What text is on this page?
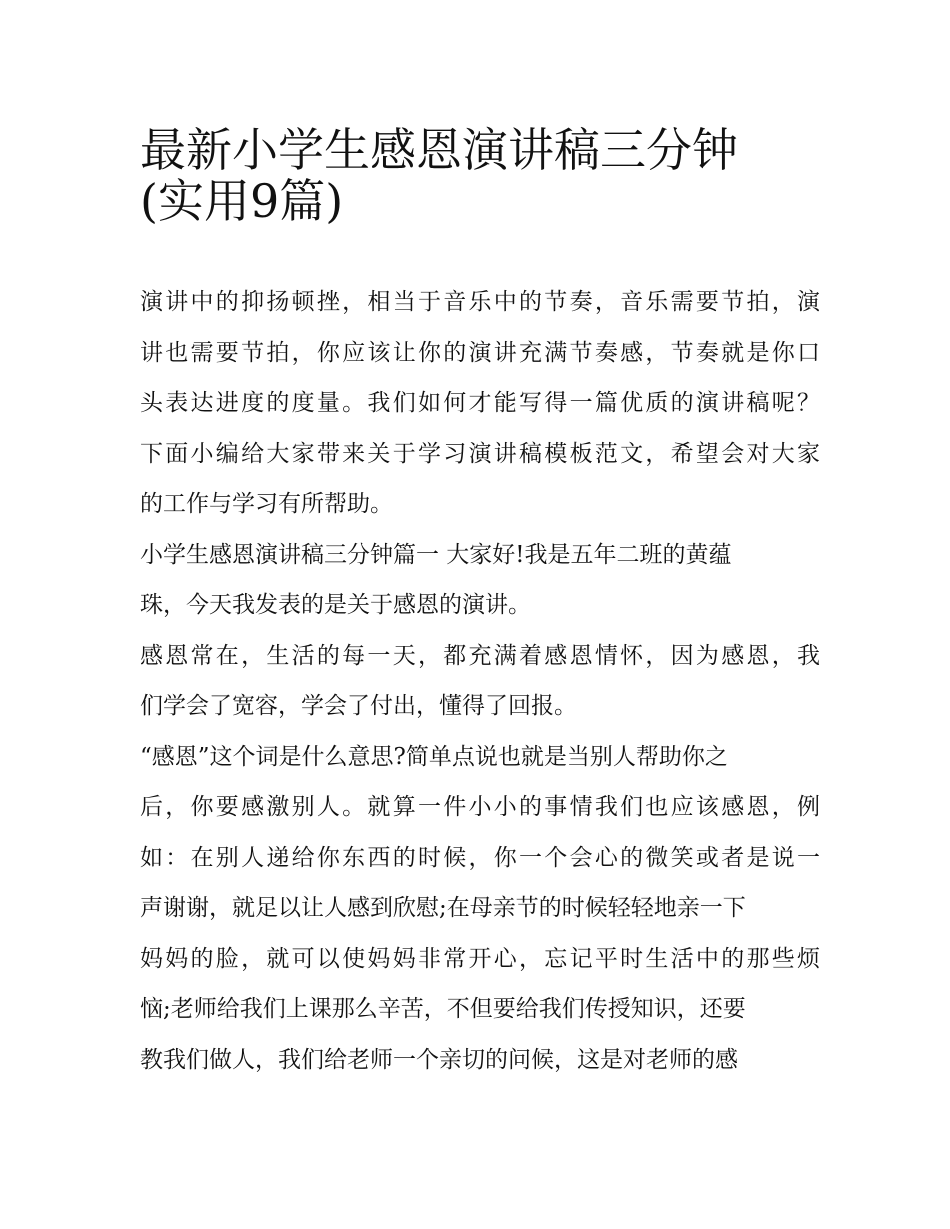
最新小学生感恩演讲稿三分钟
(实用9篇)
演讲中的抑扬顿挫，相当于音乐中的节奏，音乐需要节拍，演
讲也需要节拍，你应该让你的演讲充满节奏感，节奏就是你口
头表达进度的度量。我们如何才能写得一篇优质的演讲稿呢？
下面小编给大家带来关于学习演讲稿模板范文，希望会对大家
的工作与学习有所帮助。
小学生感恩演讲稿三分钟篇一 大家好!我是五年二班的黄蕴
珠，今天我发表的是关于感恩的演讲。
感恩常在，生活的每一天，都充满着感恩情怀，因为感恩，我
们学会了宽容，学会了付出，懂得了回报。
“感恩”这个词是什么意思?简单点说也就是当别人帮助你之
后，你要感激别人。就算一件小小的事情我们也应该感恩，例
如：在别人递给你东西的时候，你一个会心的微笑或者是说一
声谢谢，就足以让人感到欣慰;在母亲节的时候轻轻地亲一下
妈妈的脸，就可以使妈妈非常开心，忘记平时生活中的那些烦
恼;老师给我们上课那么辛苦，不但要给我们传授知识，还要
教我们做人，我们给老师一个亲切的问候，这是对老师的感
